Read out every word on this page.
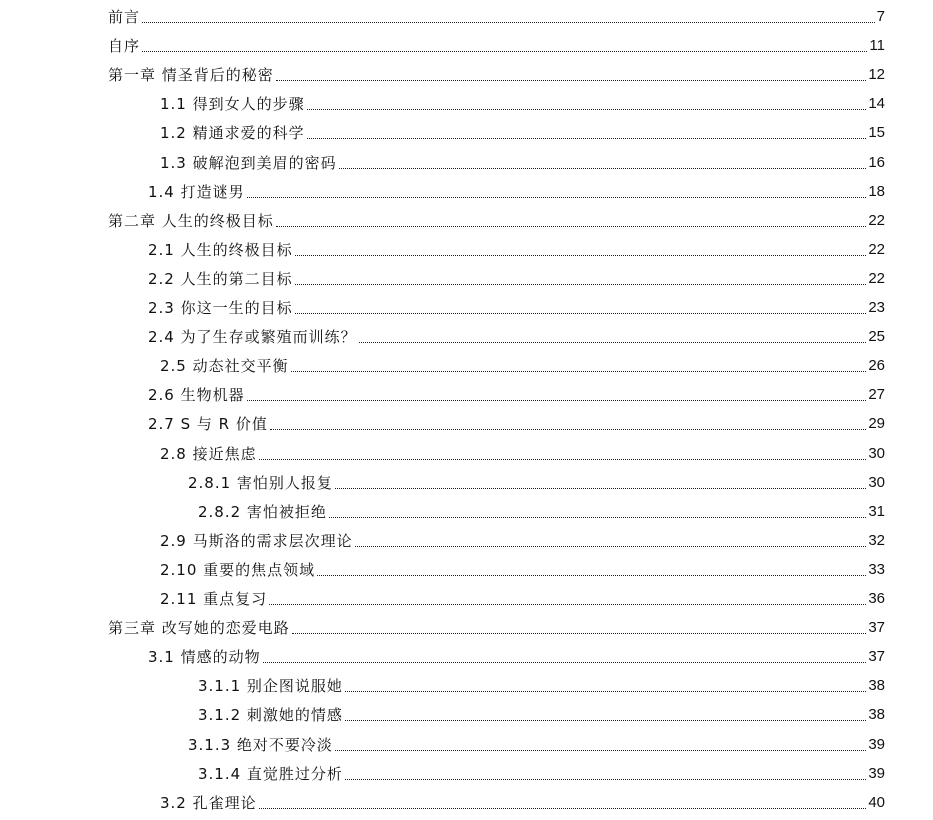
前言	7
自序	11
第一章 情圣背后的秘密	12
1.1 得到女人的步骤	14
1.2 精通求爱的科学	15
1.3 破解泡到美眉的密码	16
1.4 打造谜男	18
第二章 人生的终极目标	22
2.1 人生的终极目标	22
2.2 人生的第二目标	22
2.3 你这一生的目标	23
2.4 为了生存或繁殖而训练？	25
2.5 动态社交平衡	26
2.6 生物机器	27
2.7 S 与 R 价值	29
2.8 接近焦虑	30
2.8.1 害怕别人报复	30
2.8.2 害怕被拒绝	31
2.9 马斯洛的需求层次理论	32
2.10 重要的焦点领域	33
2.11 重点复习	36
第三章 改写她的恋爱电路	37
3.1 情感的动物	37
3.1.1 别企图说服她	38
3.1.2 刺激她的情感	38
3.1.3 绝对不要冷淡	39
3.1.4 直觉胜过分析	39
3.2 孔雀理论	40
